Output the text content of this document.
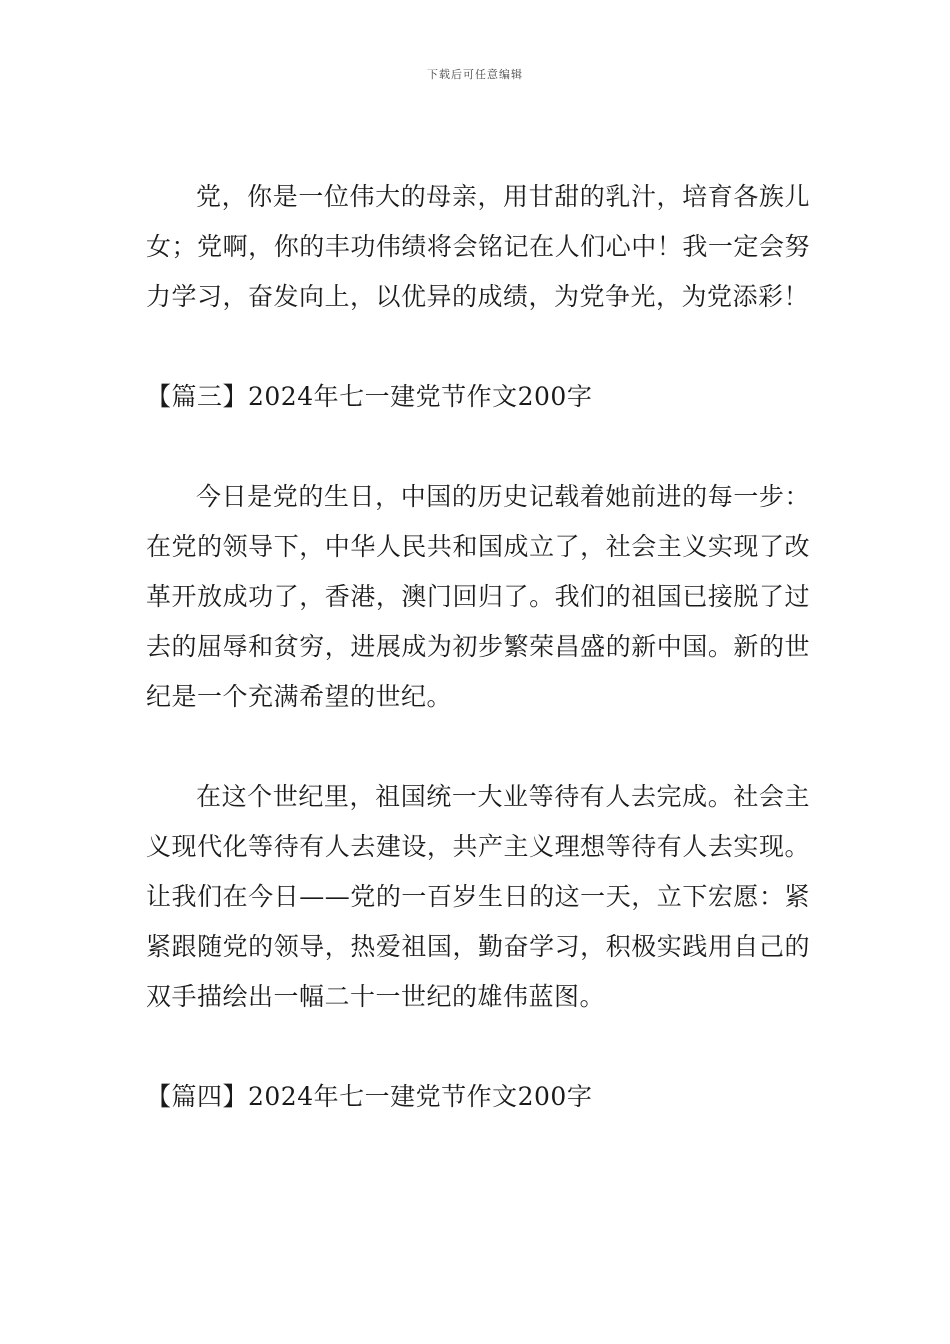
下载后可任意编辑

党，你是一位伟大的母亲，用甘甜的乳汁，培育各族儿女；党啊，你的丰功伟绩将会铭记在人们心中！我一定会努力学习，奋发向上，以优异的成绩，为党争光，为党添彩！

【篇三】2024年七一建党节作文200字

今日是党的生日，中国的历史记载着她前进的每一步：在党的领导下，中华人民共和国成立了，社会主义实现了改革开放成功了，香港，澳门回归了。我们的祖国已接脱了过去的屈辱和贫穷，进展成为初步繁荣昌盛的新中国。新的世纪是一个充满希望的世纪。

在这个世纪里，祖国统一大业等待有人去完成。社会主义现代化等待有人去建设，共产主义理想等待有人去实现。让我们在今日——党的一百岁生日的这一天，立下宏愿：紧紧跟随党的领导，热爱祖国，勤奋学习，积极实践用自己的双手描绘出一幅二十一世纪的雄伟蓝图。

【篇四】2024年七一建党节作文200字
